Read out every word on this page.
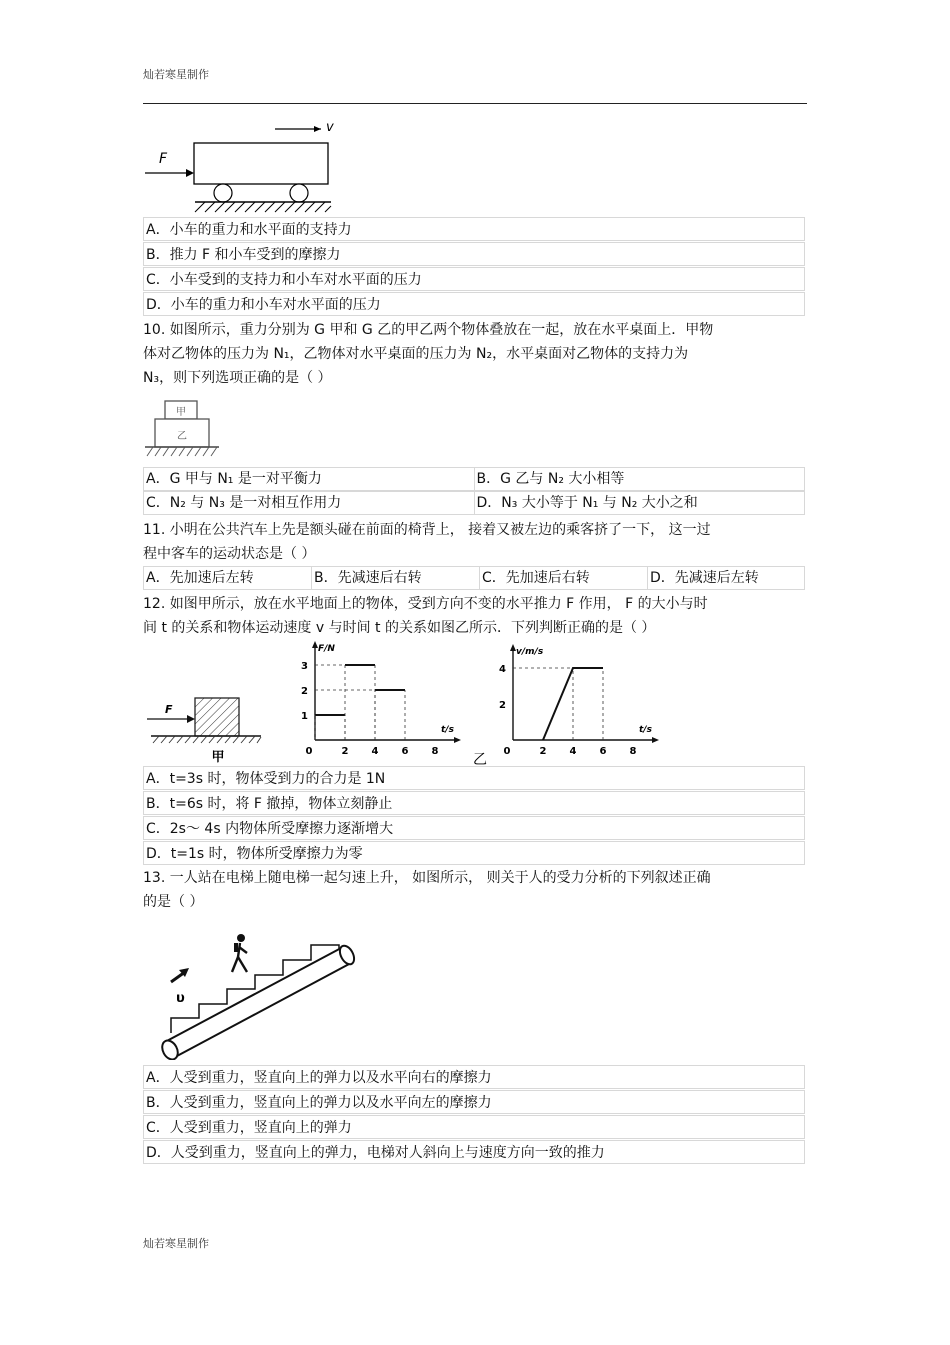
灿若寒星制作
v
F
A．小车的重力和水平面的支持力
B．推力 F 和小车受到的摩擦力
C．小车受到的支持力和小车对水平面的压力
D．小车的重力和小车对水平面的压力
10. 如图所示，重力分别为 G 甲和 G 乙的甲乙两个物体叠放在一起，放在水平桌面上．甲物
体对乙物体的压力为 N₁，乙物体对水平桌面的压力为 N₂，水平桌面对乙物体的支持力为
N₃，则下列选项正确的是（ ）
甲
乙
A．G 甲与 N₁ 是一对平衡力	B．G 乙与 N₂ 大小相等
C．N₂ 与 N₃ 是一对相互作用力	D．N₃ 大小等于 N₁ 与 N₂ 大小之和
11. 小明在公共汽车上先是额头碰在前面的椅背上， 接着又被左边的乘客挤了一下， 这一过
程中客车的运动状态是（ ）
A．先加速后左转	B．先减速后右转	C．先加速后右转	D．先减速后左转
12. 如图甲所示，放在水平地面上的物体，受到方向不变的水平推力 F 作用， F 的大小与时
间 t 的关系和物体运动速度 v 与时间 t 的关系如图乙所示．下列判断正确的是（ ）
F
甲	0	2 4 6 8
1
2
3
t/s
F/N
0	2 4 6 8
2
4
t/s
v/m/s
乙
A．t=3s 时，物体受到力的合力是 1N
B．t=6s 时，将 F 撤掉，物体立刻静止
C．2s～ 4s 内物体所受摩擦力逐渐增大
D．t=1s 时，物体所受摩擦力为零
13. 一人站在电梯上随电梯一起匀速上升， 如图所示， 则关于人的受力分析的下列叙述正确
的是（ ）
υ
A．人受到重力，竖直向上的弹力以及水平向右的摩擦力
B．人受到重力，竖直向上的弹力以及水平向左的摩擦力
C．人受到重力，竖直向上的弹力
D．人受到重力，竖直向上的弹力，电梯对人斜向上与速度方向一致的推力
灿若寒星制作
